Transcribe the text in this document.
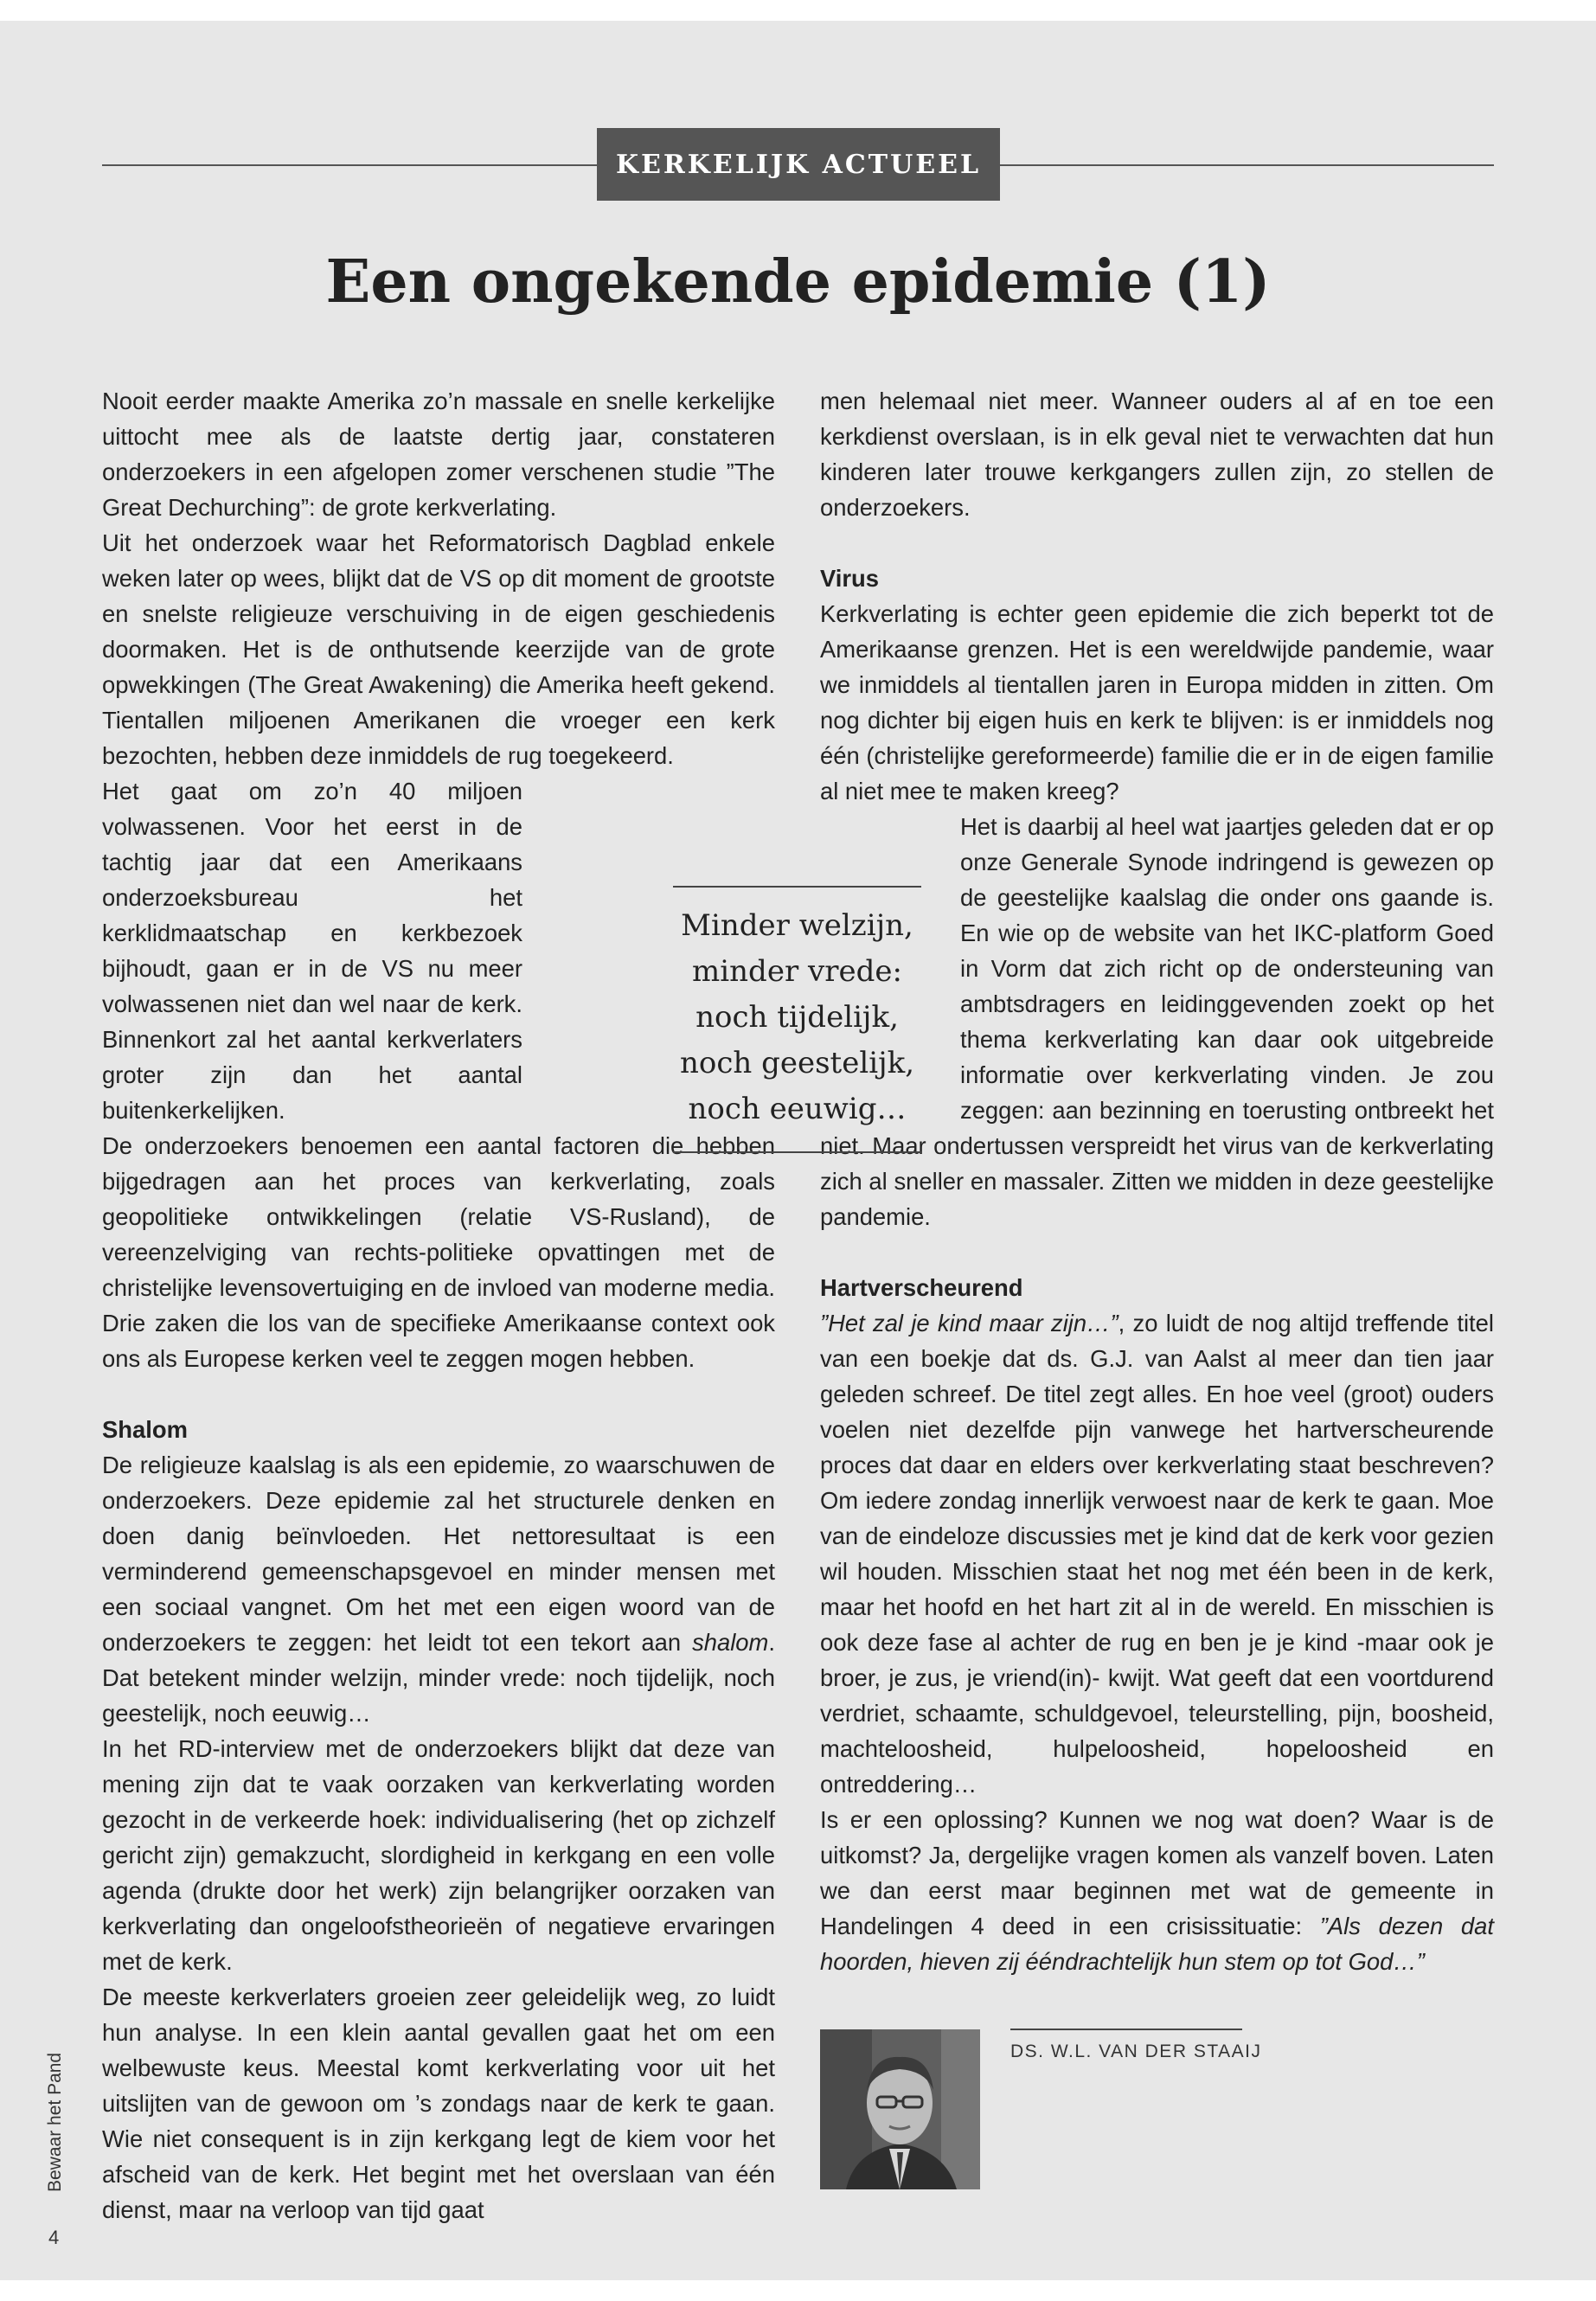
KERKELIJK ACTUEEL
Een ongekende epidemie (1)

Nooit eerder maakte Amerika zo’n massale en snelle kerkelijke uittocht mee als de laatste dertig jaar, constateren onderzoekers in een afgelopen zomer verschenen studie ”The Great Dechurching”: de grote kerkverlating.

Uit het onderzoek waar het Reformatorisch Dagblad enkele weken later op wees, blijkt dat de VS op dit moment de grootste en snelste religieuze verschuiving in de eigen geschiedenis doormaken. Het is de onthutsende keerzijde van de grote opwekkingen (The Great Awakening) die Amerika heeft gekend. Tientallen miljoenen Amerikanen die vroeger een kerk bezochten, hebben deze inmiddels de rug toegekeerd.

Het gaat om zo’n 40 miljoen volwassenen. Voor het eerst in de tachtig jaar dat een Amerikaans onderzoeksbureau het kerklidmaatschap en kerkbezoek bijhoudt, gaan er in de VS nu meer volwassenen niet dan wel naar de kerk. Binnenkort zal het aantal kerkverlaters groter zijn dan het aantal buitenkerkelijken.

De onderzoekers benoemen een aantal factoren die hebben bijgedragen aan het proces van kerkverlating, zoals geopolitieke ontwikkelingen (relatie VS-Rusland), de vereenzelviging van rechts-politieke opvattingen met de christelijke levensovertuiging en de invloed van moderne media. Drie zaken die los van de specifieke Amerikaanse context ook ons als Europese kerken veel te zeggen mogen hebben.

Shalom

De religieuze kaalslag is als een epidemie, zo waarschuwen de onderzoekers. Deze epidemie zal het structurele denken en doen danig beïnvloeden. Het nettoresultaat is een verminderend gemeenschapsgevoel en minder mensen met een sociaal vangnet. Om het met een eigen woord van de onderzoekers te zeggen: het leidt tot een tekort aan shalom. Dat betekent minder welzijn, minder vrede: noch tijdelijk, noch geestelijk, noch eeuwig…

In het RD-interview met de onderzoekers blijkt dat deze van mening zijn dat te vaak oorzaken van kerkverlating worden gezocht in de verkeerde hoek: individualisering (het op zichzelf gericht zijn) gemakzucht, slordigheid in kerkgang en een volle agenda (drukte door het werk) zijn belangrijker oorzaken van kerkverlating dan ongeloofstheorieën of negatieve ervaringen met de kerk.

De meeste kerkverlaters groeien zeer geleidelijk weg, zo luidt hun analyse. In een klein aantal gevallen gaat het om een welbewuste keus. Meestal komt kerkverlating voor uit het uitslijten van de gewoon om ’s zondags naar de kerk te gaan. Wie niet consequent is in zijn kerkgang legt de kiem voor het afscheid van de kerk. Het begint met het overslaan van één dienst, maar na verloop van tijd gaat

men helemaal niet meer. Wanneer ouders al af en toe een kerkdienst overslaan, is in elk geval niet te verwachten dat hun kinderen later trouwe kerkgangers zullen zijn, zo stellen de onderzoekers.

Virus

Kerkverlating is echter geen epidemie die zich beperkt tot de Amerikaanse grenzen. Het is een wereldwijde pandemie, waar we inmiddels al tientallen jaren in Europa midden in zitten. Om nog dichter bij eigen huis en kerk te blijven: is er inmiddels nog één (christelijke gereformeerde) familie die er in de eigen familie al niet mee te maken kreeg?

Het is daarbij al heel wat jaartjes geleden dat er op onze Generale Synode indringend is gewezen op de geestelijke kaalslag die onder ons gaande is. En wie op de website van het IKC-platform Goed in Vorm dat zich richt op de ondersteuning van ambtsdragers en leidinggevenden zoekt op het thema kerkverlating kan daar ook uitgebreide informatie over kerkverlating vinden. Je zou zeggen: aan bezinning en toerusting ontbreekt het niet. Maar ondertussen verspreidt het virus van de kerkverlating zich al sneller en massaler. Zitten we midden in deze geestelijke pandemie.

Hartverscheurend

”Het zal je kind maar zijn…”, zo luidt de nog altijd treffende titel van een boekje dat ds. G.J. van Aalst al meer dan tien jaar geleden schreef. De titel zegt alles. En hoe veel (groot) ouders voelen niet dezelfde pijn vanwege het hartverscheurende proces dat daar en elders over kerkverlating staat beschreven? Om iedere zondag innerlijk verwoest naar de kerk te gaan. Moe van de eindeloze discussies met je kind dat de kerk voor gezien wil houden. Misschien staat het nog met één been in de kerk, maar het hoofd en het hart zit al in de wereld. En misschien is ook deze fase al achter de rug en ben je je kind -maar ook je broer, je zus, je vriend(in)- kwijt. Wat geeft dat een voortdurend verdriet, schaamte, schuldgevoel, teleurstelling, pijn, boosheid, machteloosheid, hulpeloosheid, hopeloosheid en ontreddering…

Is er een oplossing? Kunnen we nog wat doen? Waar is de uitkomst? Ja, dergelijke vragen komen als vanzelf boven. Laten we dan eerst maar beginnen met wat de gemeente in Handelingen 4 deed in een crisissituatie: ”Als dezen dat hoorden, hieven zij ééndrachtelijk hun stem op tot God…”

Minder welzijn,
minder vrede:
noch tijdelijk,
noch geestelijk,
noch eeuwig…
DS. W.L. VAN DER STAAIJ
Bewaar het Pand
4
